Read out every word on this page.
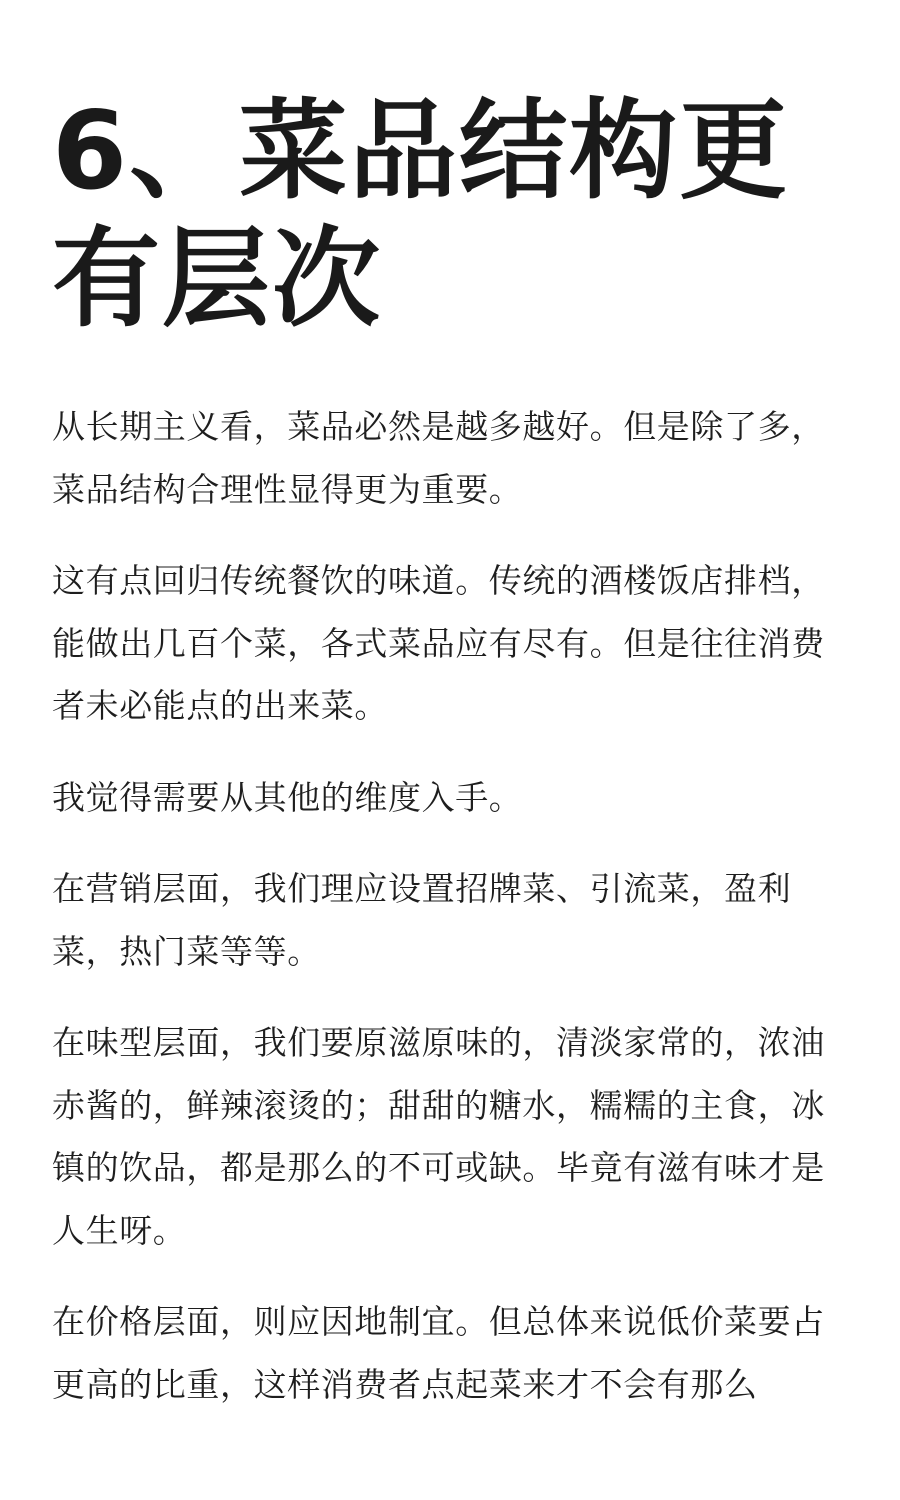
6、菜品结构更有层次

从长期主义看，菜品必然是越多越好。但是除了多，菜品结构合理性显得更为重要。

这有点回归传统餐饮的味道。传统的酒楼饭店排档，能做出几百个菜，各式菜品应有尽有。但是往往消费者未必能点的出来菜。

我觉得需要从其他的维度入手。

在营销层面，我们理应设置招牌菜、引流菜，盈利菜，热门菜等等。

在味型层面，我们要原滋原味的，清淡家常的，浓油赤酱的，鲜辣滚烫的；甜甜的糖水，糯糯的主食，冰镇的饮品，都是那么的不可或缺。毕竟有滋有味才是人生呀。

在价格层面，则应因地制宜。但总体来说低价菜要占更高的比重，这样消费者点起菜来才不会有那么
